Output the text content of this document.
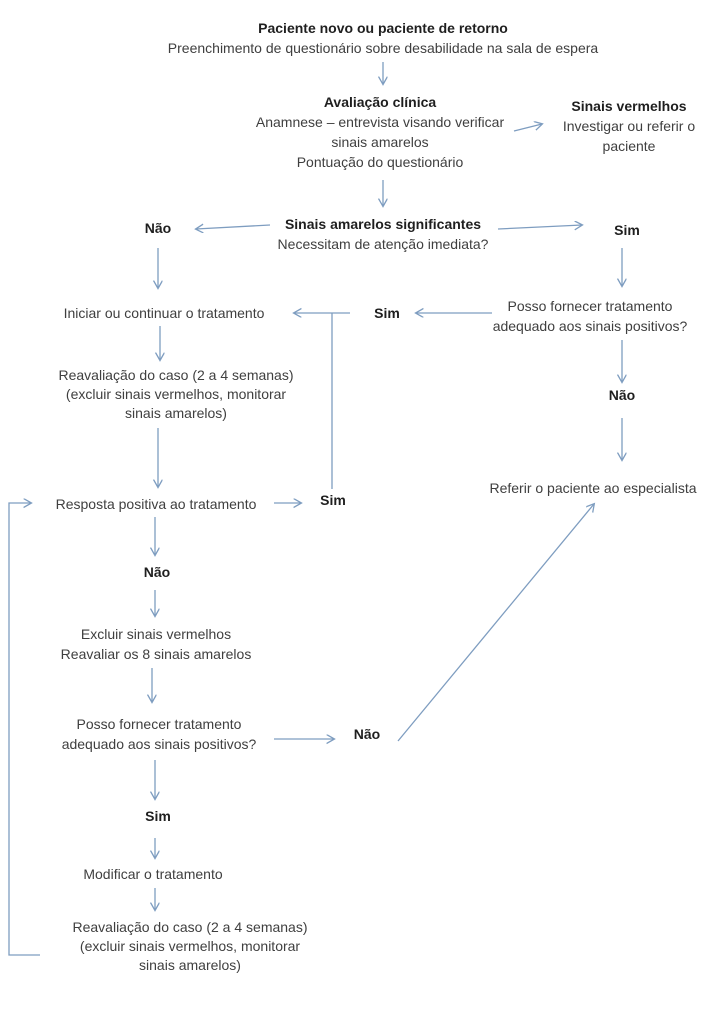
Paciente novo ou paciente de retorno
Preenchimento de questionário sobre desabilidade na sala de espera
Avaliação clínica
Anamnese – entrevista visando verificar
sinais amarelos
Pontuação do questionário
Sinais vermelhos
Investigar ou referir o
paciente
Sinais amarelos significantes
Necessitam de atenção imediata?
Não	Sim
Iniciar ou continuar o tratamento	Sim	Posso fornecer tratamento
adequado aos sinais positivos?
Reavaliação do caso (2 a 4 semanas)
(excluir sinais vermelhos, monitorar
sinais amarelos)
Não
Referir o paciente ao especialista
Resposta positiva ao tratamento	Sim
Não
Excluir sinais vermelhos
Reavaliar os 8 sinais amarelos
Posso fornecer tratamento
adequado aos sinais positivos?
Não
Sim
Modificar o tratamento
Reavaliação do caso (2 a 4 semanas)
(excluir sinais vermelhos, monitorar
sinais amarelos)
